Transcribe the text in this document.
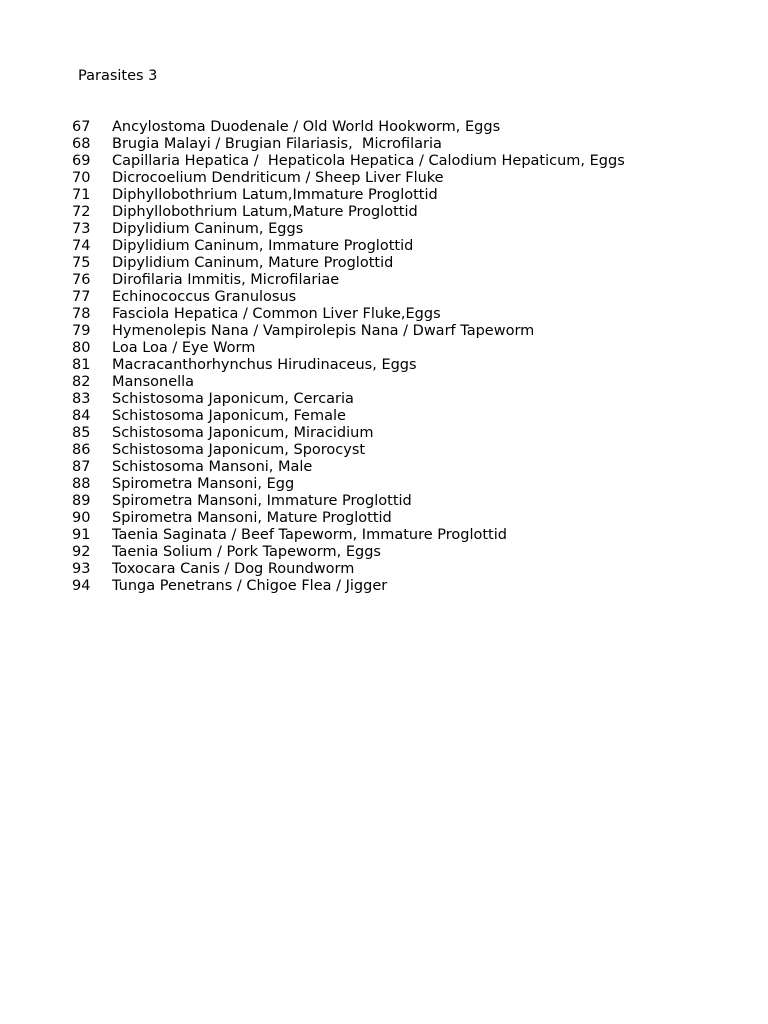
Parasites 3
67	Ancylostoma Duodenale / Old World Hookworm, Eggs
68	Brugia Malayi / Brugian Filariasis,  Microfilaria
69	Capillaria Hepatica /  Hepaticola Hepatica / Calodium Hepaticum, Eggs
70	Dicrocoelium Dendriticum / Sheep Liver Fluke
71	Diphyllobothrium Latum,Immature Proglottid
72	Diphyllobothrium Latum,Mature Proglottid
73	Dipylidium Caninum, Eggs
74	Dipylidium Caninum, Immature Proglottid
75	Dipylidium Caninum, Mature Proglottid
76	Dirofilaria Immitis, Microfilariae
77	Echinococcus Granulosus
78	Fasciola Hepatica / Common Liver Fluke,Eggs
79	Hymenolepis Nana / Vampirolepis Nana / Dwarf Tapeworm
80	Loa Loa / Eye Worm
81	Macracanthorhynchus Hirudinaceus, Eggs
82	Mansonella
83	Schistosoma Japonicum, Cercaria
84	Schistosoma Japonicum, Female
85	Schistosoma Japonicum, Miracidium
86	Schistosoma Japonicum, Sporocyst
87	Schistosoma Mansoni, Male
88	Spirometra Mansoni, Egg
89	Spirometra Mansoni, Immature Proglottid
90	Spirometra Mansoni, Mature Proglottid
91	Taenia Saginata / Beef Tapeworm, Immature Proglottid
92	Taenia Solium / Pork Tapeworm, Eggs
93	Toxocara Canis / Dog Roundworm
94	Tunga Penetrans / Chigoe Flea / Jigger
